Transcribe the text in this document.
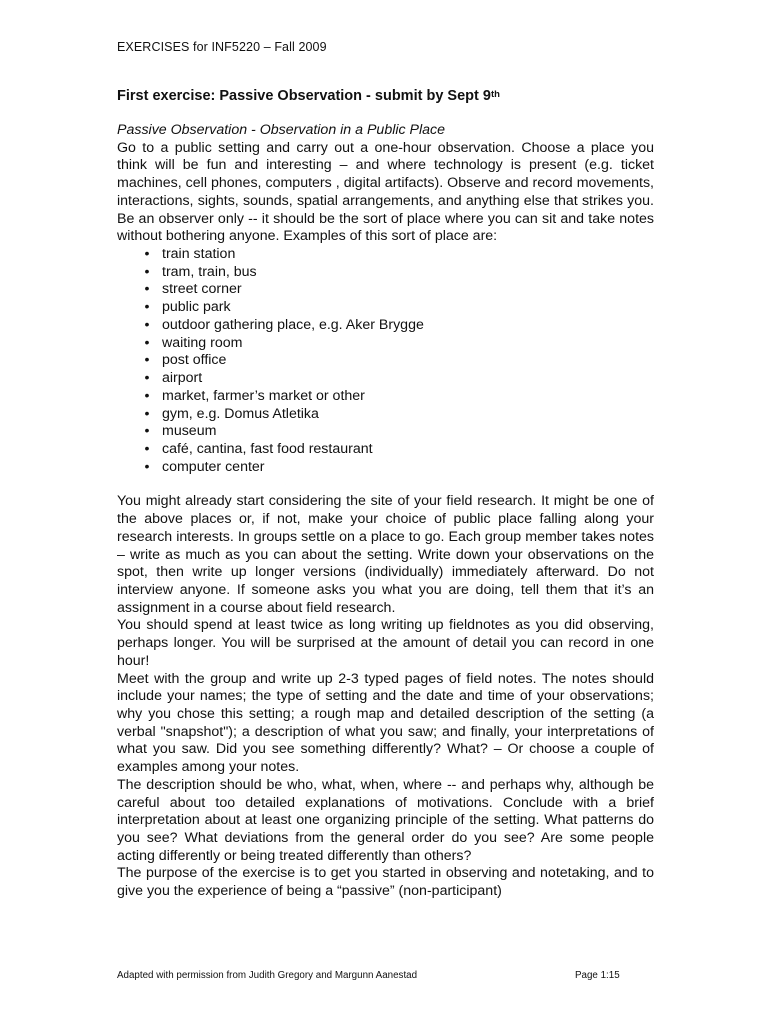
EXERCISES for INF5220 – Fall 2009
First exercise: Passive Observation - submit by Sept 9th

Passive Observation - Observation in a Public Place

Go to a public setting and carry out a one-hour observation. Choose a place you think will be fun and interesting – and where technology is present (e.g. ticket machines, cell phones, computers , digital artifacts). Observe and record movements, interactions, sights, sounds, spatial arrangements, and anything else that strikes you. Be an observer only -- it should be the sort of place where you can sit and take notes without bothering anyone. Examples of this sort of place are:

• train station
• tram, train, bus
• street corner
• public park
• outdoor gathering place, e.g. Aker Brygge
• waiting room
• post office
• airport
• market, farmer’s market or other
• gym, e.g. Domus Atletika
• museum
• café, cantina, fast food restaurant
• computer center

You might already start considering the site of your field research. It might be one of the above places or, if not, make your choice of public place falling along your research interests. In groups settle on a place to go. Each group member takes notes – write as much as you can about the setting. Write down your observations on the spot, then write up longer versions (individually) immediately afterward. Do not interview anyone. If someone asks you what you are doing, tell them that it’s an assignment in a course about field research.

You should spend at least twice as long writing up fieldnotes as you did observing, perhaps longer. You will be surprised at the amount of detail you can record in one hour!

Meet with the group and write up 2-3 typed pages of field notes. The notes should include your names; the type of setting and the date and time of your observations; why you chose this setting; a rough map and detailed description of the setting (a verbal "snapshot"); a description of what you saw; and finally, your interpretations of what you saw. Did you see something differently? What? – Or choose a couple of examples among your notes.

The description should be who, what, when, where -- and perhaps why, although be careful about too detailed explanations of motivations. Conclude with a brief interpretation about at least one organizing principle of the setting. What patterns do you see? What deviations from the general order do you see? Are some people acting differently or being treated differently than others?

The purpose of the exercise is to get you started in observing and notetaking, and to give you the experience of being a “passive” (non-participant)

Adapted with permission from Judith Gregory and Margunn Aanestad	Page 1:15
